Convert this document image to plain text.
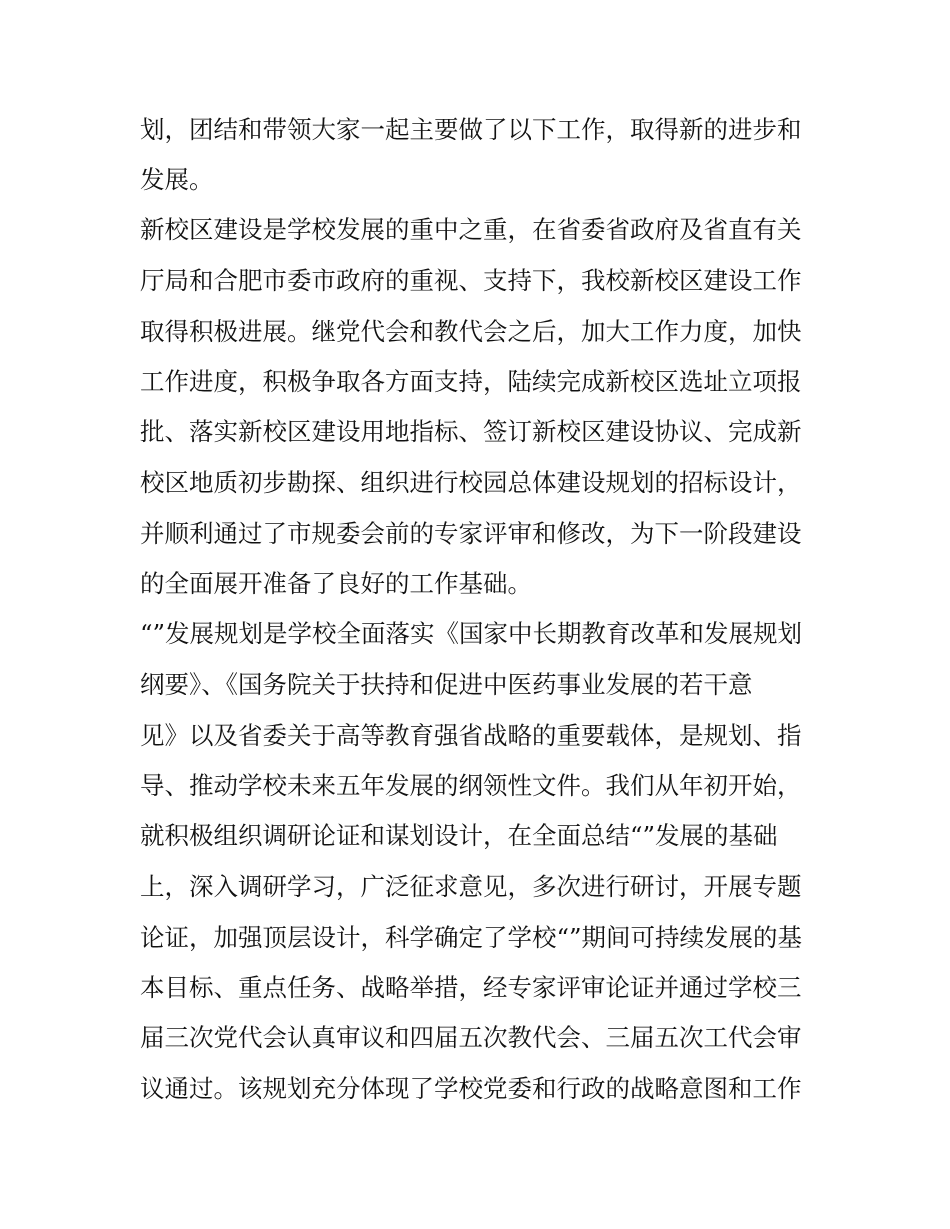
划，团结和带领大家一起主要做了以下工作，取得新的进步和

发展。

新校区建设是学校发展的重中之重，在省委省政府及省直有关

厅局和合肥市委市政府的重视、支持下，我校新校区建设工作

取得积极进展。继党代会和教代会之后，加大工作力度，加快

工作进度，积极争取各方面支持，陆续完成新校区选址立项报

批、落实新校区建设用地指标、签订新校区建设协议、完成新

校区地质初步勘探、组织进行校园总体建设规划的招标设计，

并顺利通过了市规委会前的专家评审和修改，为下一阶段建设

的全面展开准备了良好的工作基础。

“”发展规划是学校全面落实《国家中长期教育改革和发展规划

纲要》、《国务院关于扶持和促进中医药事业发展的若干意

见》以及省委关于高等教育强省战略的重要载体，是规划、指

导、推动学校未来五年发展的纲领性文件。我们从年初开始，

就积极组织调研论证和谋划设计，在全面总结“”发展的基础

上，深入调研学习，广泛征求意见，多次进行研讨，开展专题

论证，加强顶层设计，科学确定了学校“”期间可持续发展的基

本目标、重点任务、战略举措，经专家评审论证并通过学校三

届三次党代会认真审议和四届五次教代会、三届五次工代会审

议通过。该规划充分体现了学校党委和行政的战略意图和工作
